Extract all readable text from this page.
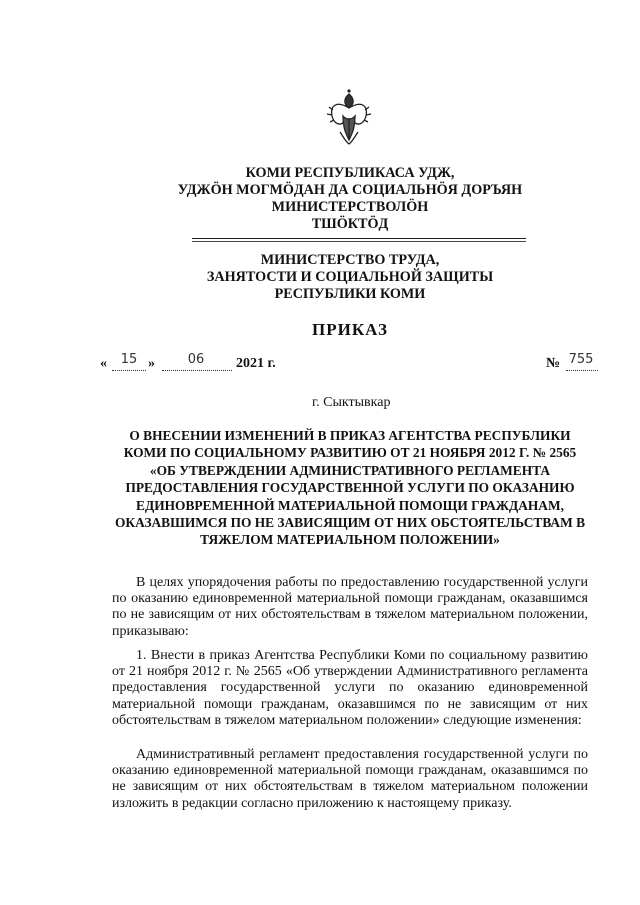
КОМИ РЕСПУБЛИКАСА УДЖ,
УДЖÖН МОГМÖДАН ДА СОЦИАЛЬНÖЯ ДОРЪЯН
МИНИСТЕРСТВОЛÖН
ТШÖКТÖД
МИНИСТЕРСТВО ТРУДА,
ЗАНЯТОСТИ И СОЦИАЛЬНОЙ ЗАЩИТЫ
РЕСПУБЛИКИ КОМИ
ПРИКАЗ
«	15 »	06	2021 г.	№ 755
г. Сыктывкар
О ВНЕСЕНИИ ИЗМЕНЕНИЙ В ПРИКАЗ АГЕНТСТВА РЕСПУБЛИКИ КОМИ ПО СОЦИАЛЬНОМУ РАЗВИТИЮ ОТ 21 НОЯБРЯ 2012 Г. № 2565 «ОБ УТВЕРЖДЕНИИ АДМИНИСТРАТИВНОГО РЕГЛАМЕНТА ПРЕДОСТАВЛЕНИЯ ГОСУДАРСТВЕННОЙ УСЛУГИ ПО ОКАЗАНИЮ ЕДИНОВРЕМЕННОЙ МАТЕРИАЛЬНОЙ ПОМОЩИ ГРАЖДАНАМ, ОКАЗАВШИМСЯ ПО НЕ ЗАВИСЯЩИМ ОТ НИХ ОБСТОЯТЕЛЬСТВАМ В ТЯЖЕЛОМ МАТЕРИАЛЬНОМ ПОЛОЖЕНИИ»
В целях упорядочения работы по предоставлению государственной услуги по оказанию единовременной материальной помощи гражданам, оказавшимся по не зависящим от них обстоятельствам в тяжелом материальном положении, приказываю:
1. Внести в приказ Агентства Республики Коми по социальному развитию от 21 ноября 2012 г. № 2565 «Об утверждении Административного регламента предоставления государственной услуги по оказанию единовременной материальной помощи гражданам, оказавшимся по не зависящим от них обстоятельствам в тяжелом материальном положении» следующие изменения:
Административный регламент предоставления государственной услуги по оказанию единовременной материальной помощи гражданам, оказавшимся по не зависящим от них обстоятельствам в тяжелом материальном положении изложить в редакции согласно приложению к настоящему приказу.
